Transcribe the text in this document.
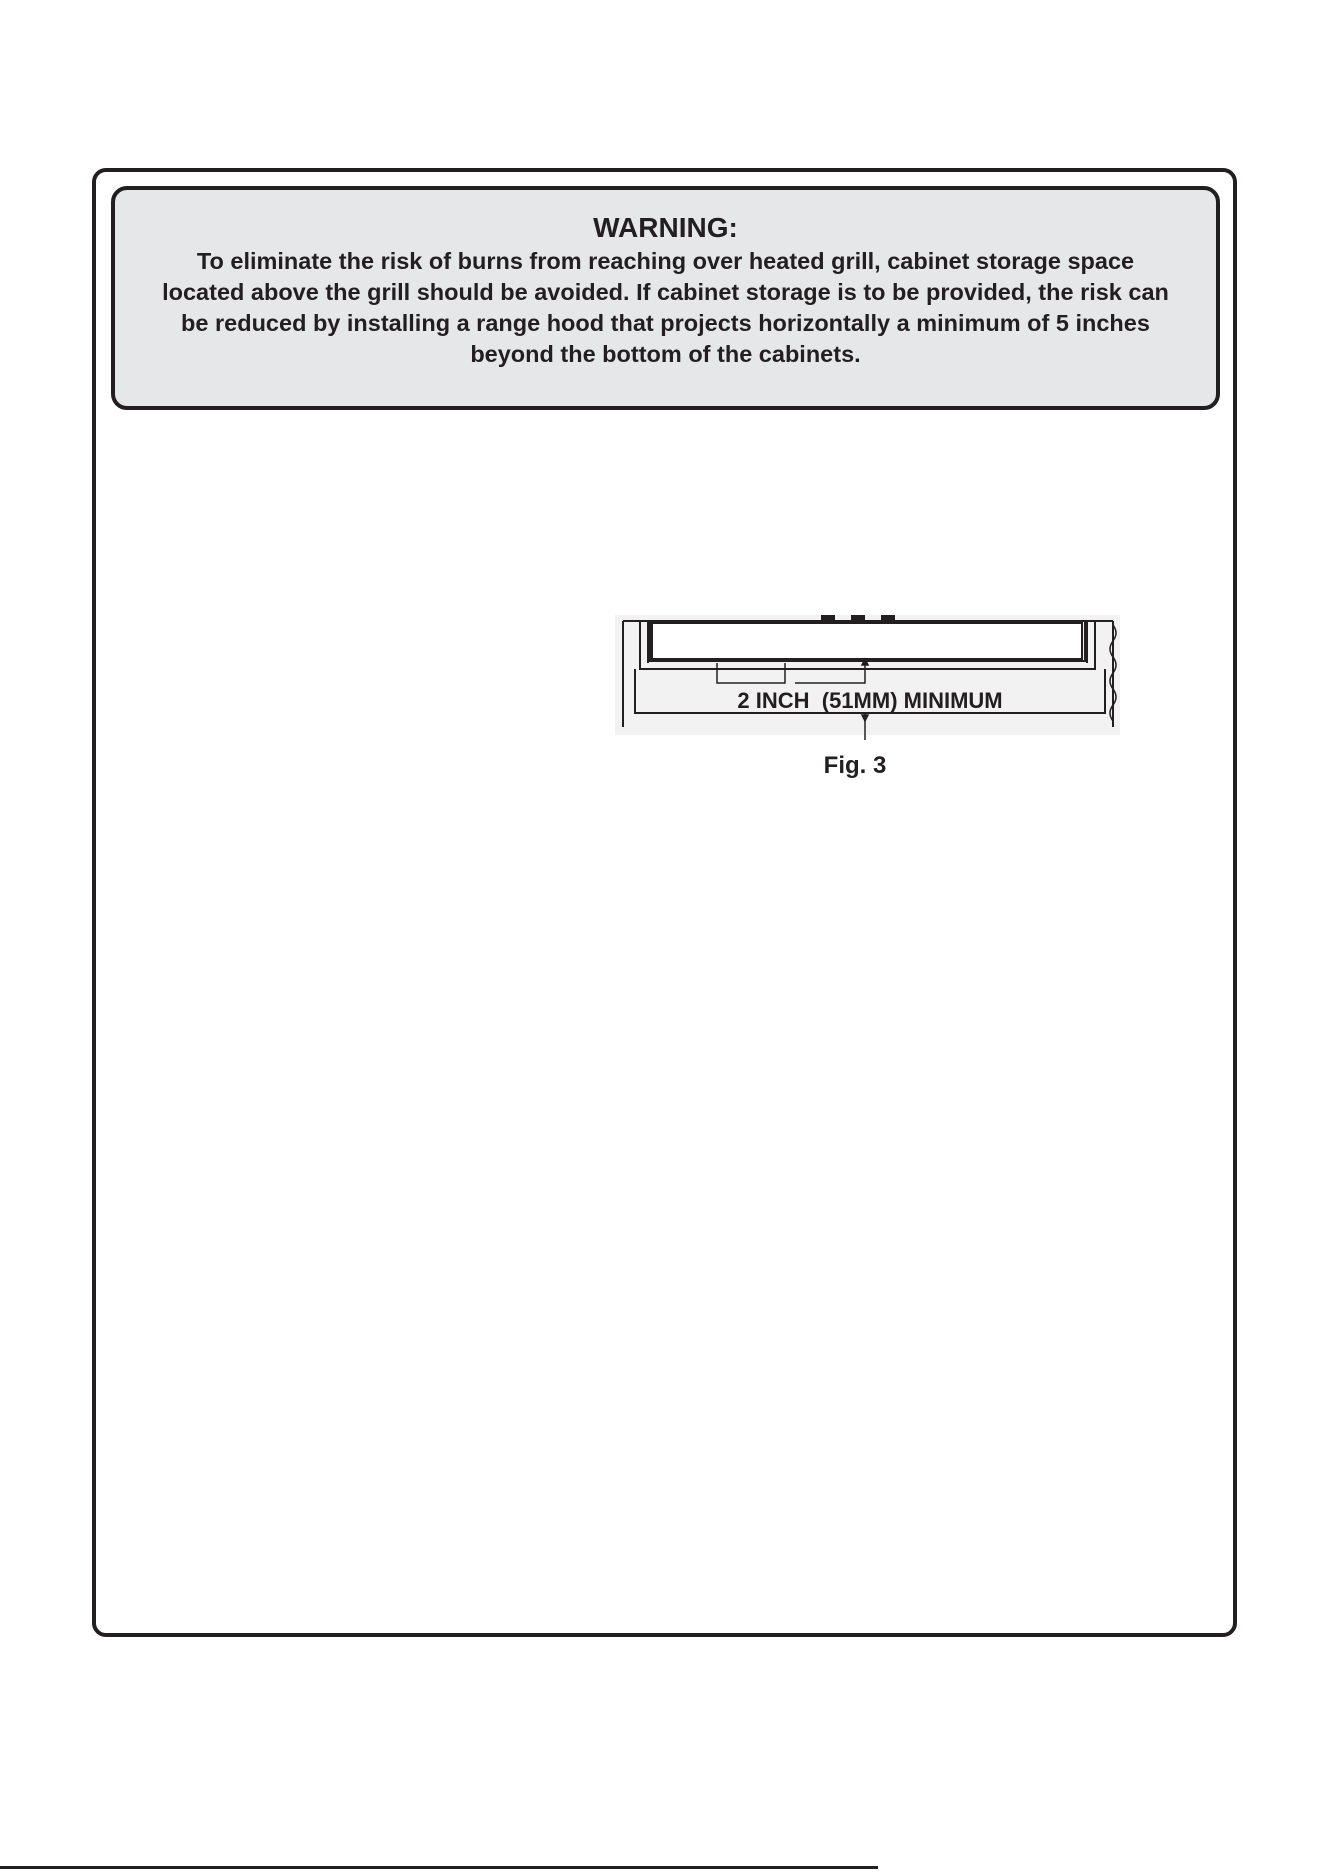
WARNING:
To eliminate the risk of burns from reaching over heated grill, cabinet storage space located above the grill should be avoided. If cabinet storage is to be provided, the risk can be reduced by installing a range hood that projects horizontally a minimum of 5 inches beyond the bottom of the cabinets.
2 INCH  (51MM) MINIMUM
Fig. 3
